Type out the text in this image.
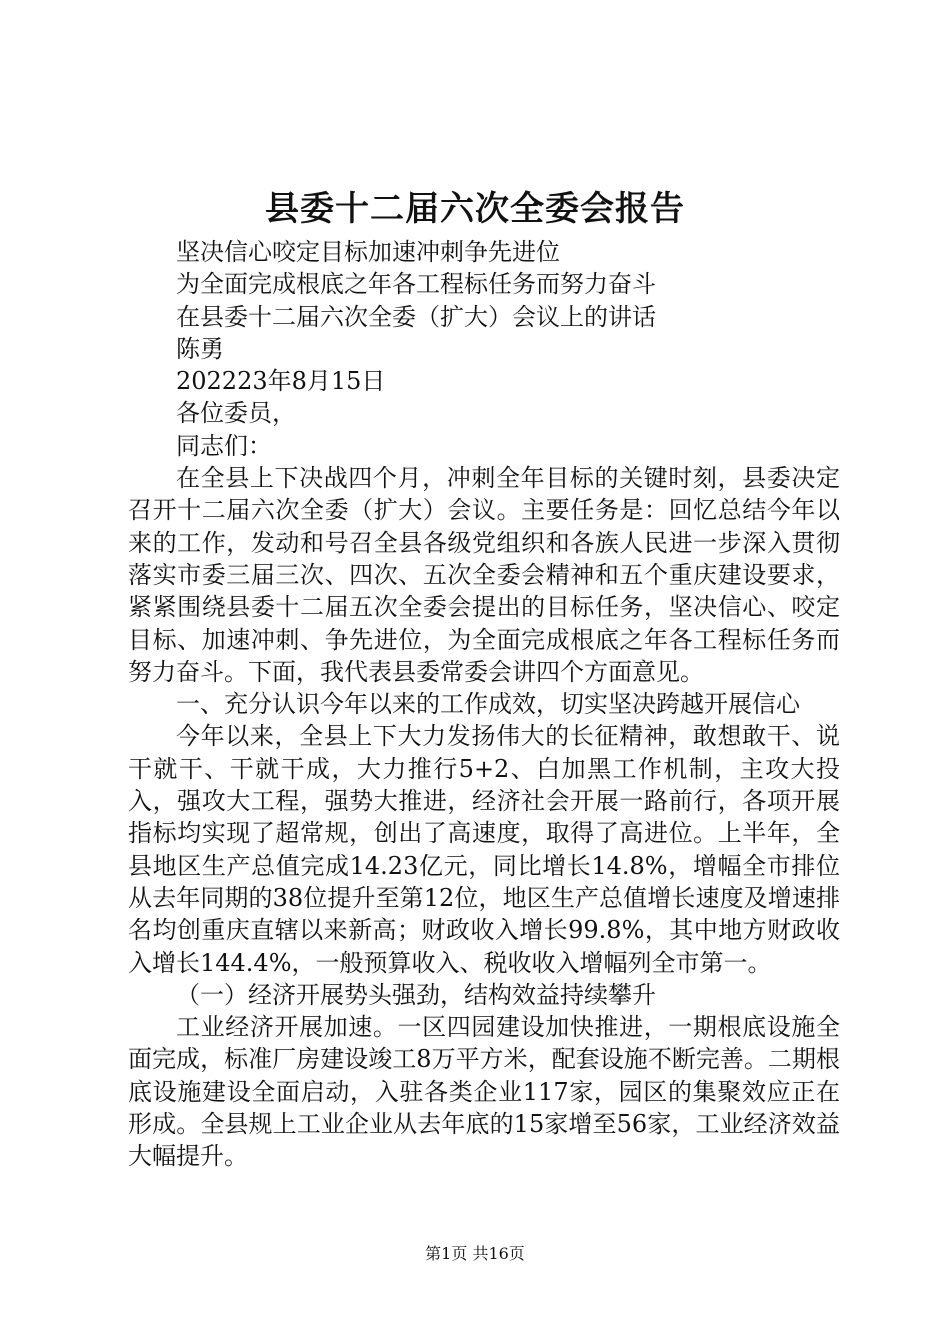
县委十二届六次全委会报告

坚决信心咬定目标加速冲刺争先进位

为全面完成根底之年各工程标任务而努力奋斗

在县委十二届六次全委（扩大）会议上的讲话

陈勇

202223年8月15日

各位委员，

同志们：

在全县上下决战四个月，冲刺全年目标的关键时刻，县委决定召开十二届六次全委（扩大）会议。主要任务是：回忆总结今年以来的工作，发动和号召全县各级党组织和各族人民进一步深入贯彻落实市委三届三次、四次、五次全委会精神和五个重庆建设要求，紧紧围绕县委十二届五次全委会提出的目标任务，坚决信心、咬定目标、加速冲刺、争先进位，为全面完成根底之年各工程标任务而努力奋斗。下面，我代表县委常委会讲四个方面意见。

一、充分认识今年以来的工作成效，切实坚决跨越开展信心

今年以来，全县上下大力发扬伟大的长征精神，敢想敢干、说干就干、干就干成，大力推行5+2、白加黑工作机制，主攻大投入，强攻大工程，强势大推进，经济社会开展一路前行，各项开展指标均实现了超常规，创出了高速度，取得了高进位。上半年，全县地区生产总值完成14.23亿元，同比增长14.8%，增幅全市排位从去年同期的38位提升至第12位，地区生产总值增长速度及增速排名均创重庆直辖以来新高；财政收入增长99.8%，其中地方财政收入增长144.4%，一般预算收入、税收收入增幅列全市第一。

（一）经济开展势头强劲，结构效益持续攀升

工业经济开展加速。一区四园建设加快推进，一期根底设施全面完成，标准厂房建设竣工8万平方米，配套设施不断完善。二期根底设施建设全面启动，入驻各类企业117家，园区的集聚效应正在形成。全县规上工业企业从去年底的15家增至56家，工业经济效益大幅提升。

第1页 共16页
